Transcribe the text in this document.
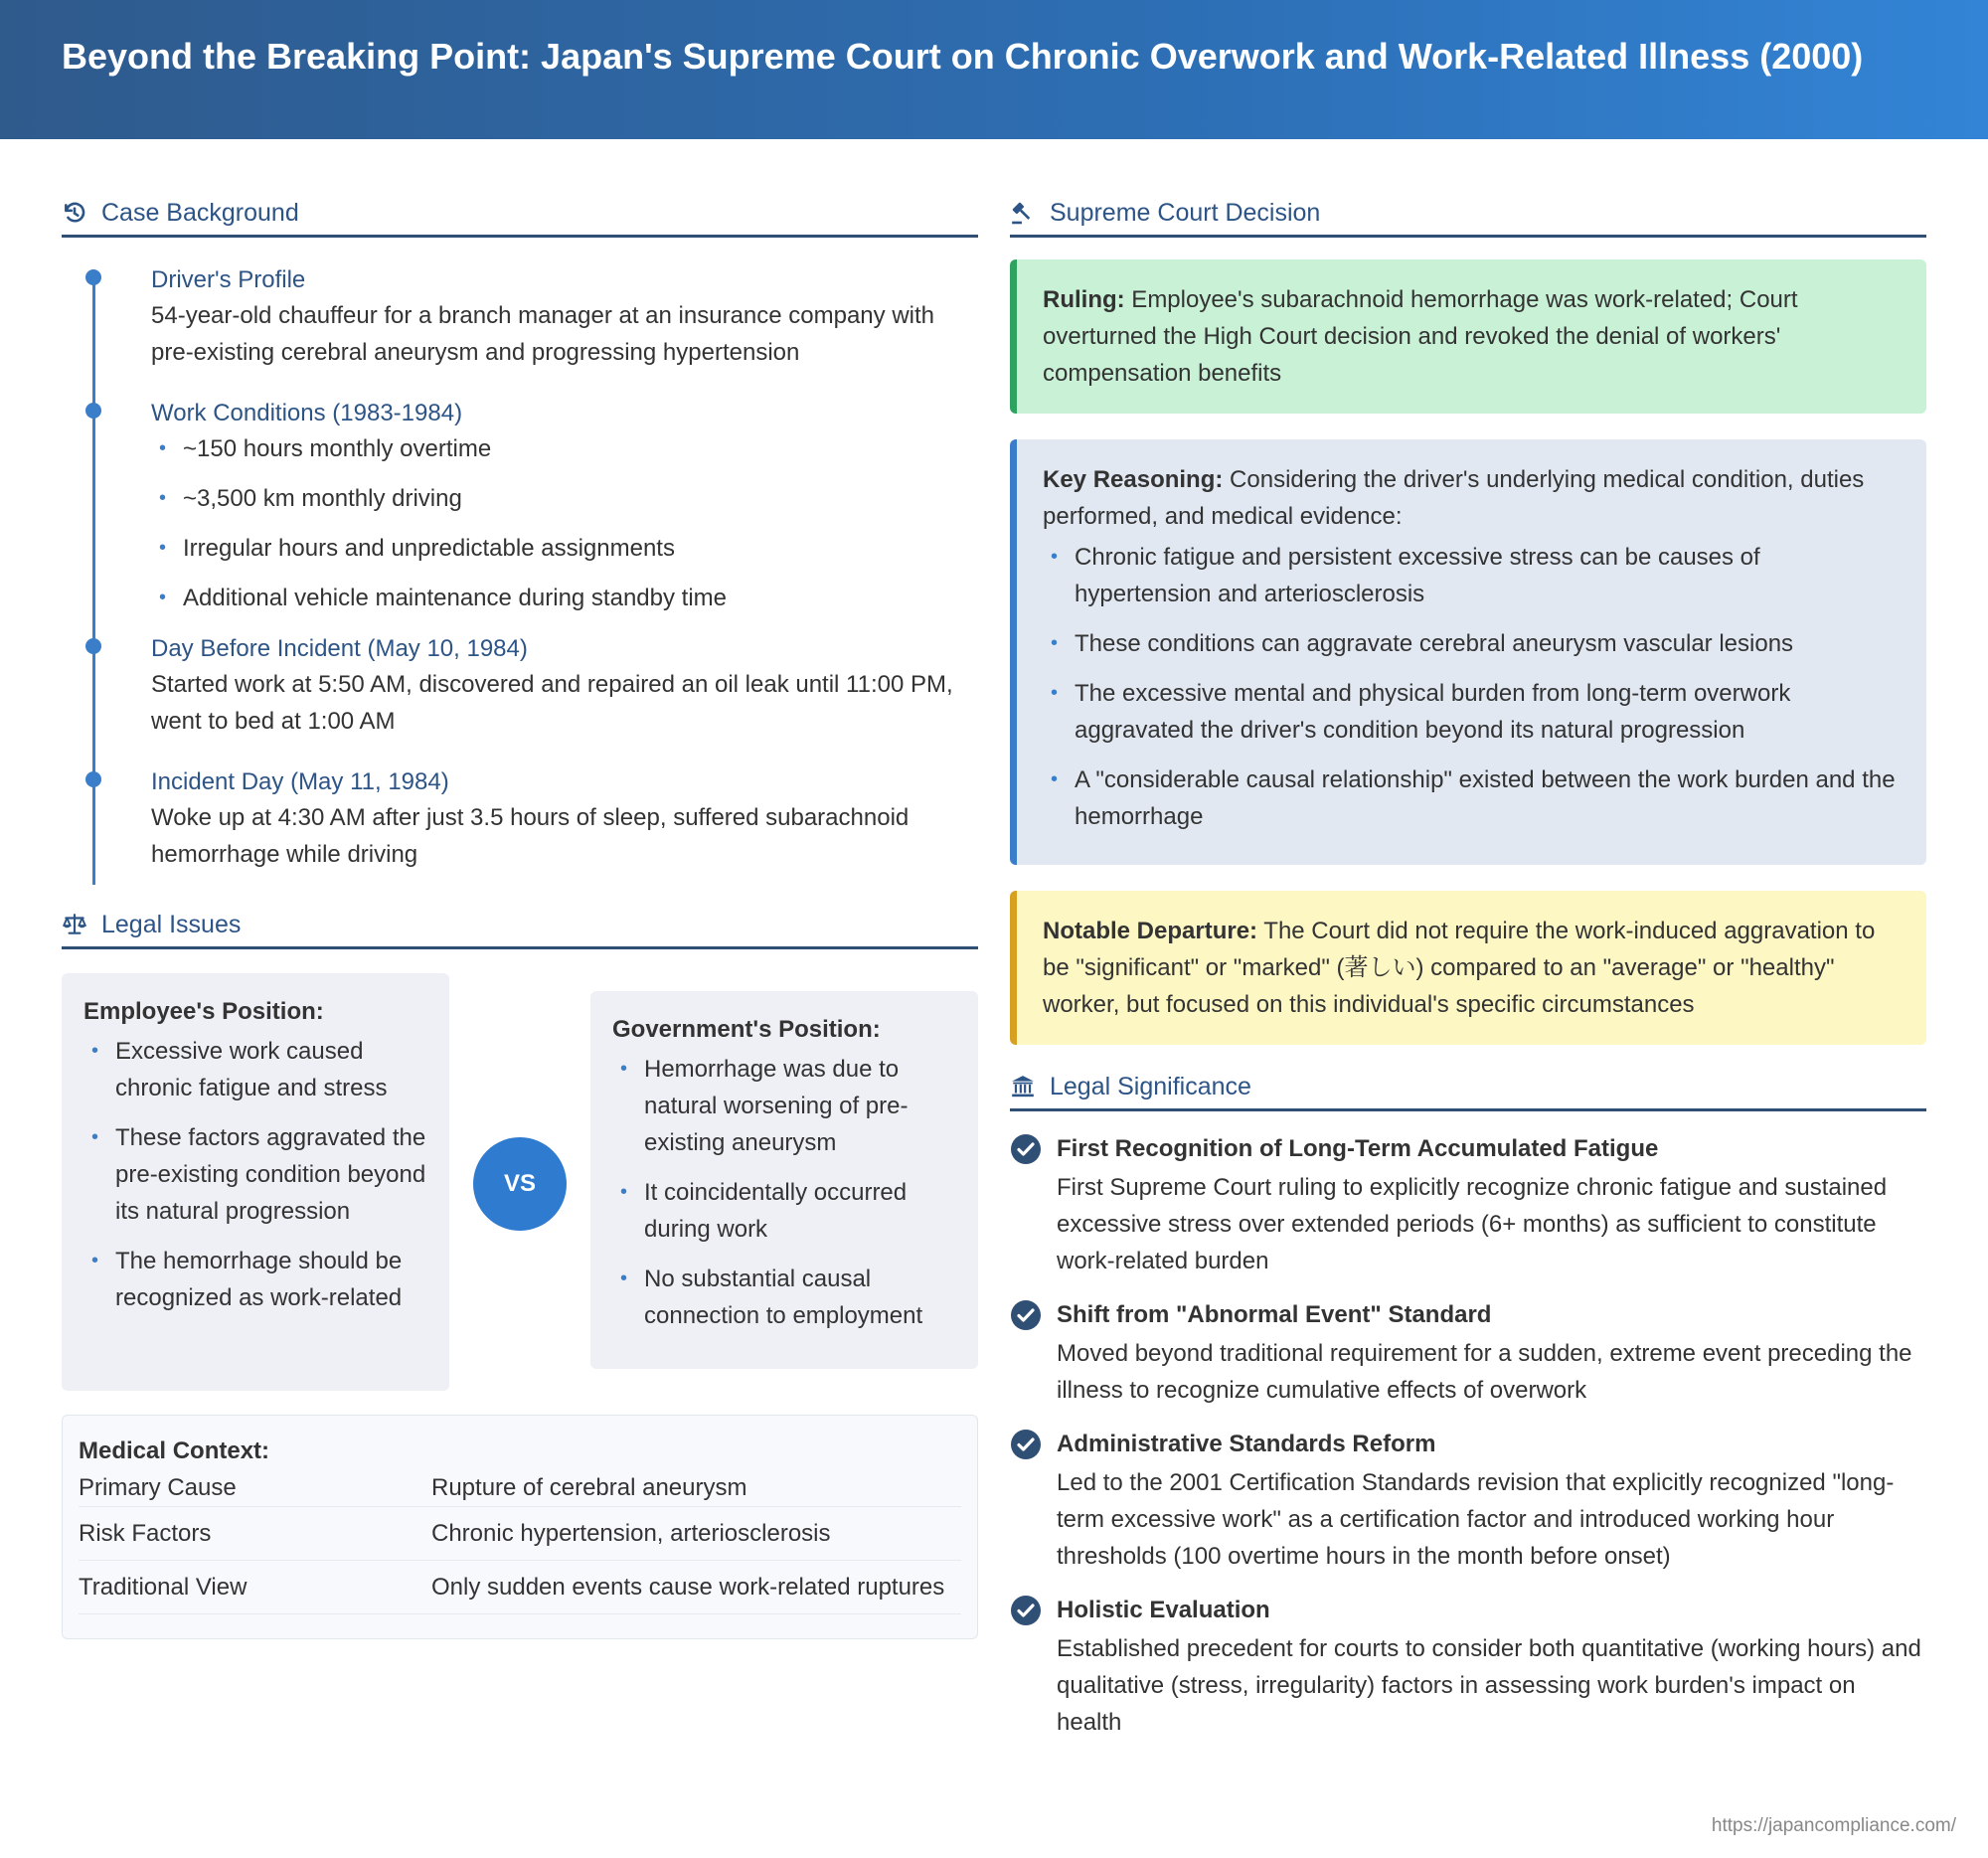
Beyond the Breaking Point: Japan's Supreme Court on Chronic Overwork and Work-Related Illness (2000)
Case Background
Driver's Profile
54-year-old chauffeur for a branch manager at an insurance company with pre-existing cerebral aneurysm and progressing hypertension
Work Conditions (1983-1984)
• ~150 hours monthly overtime
• ~3,500 km monthly driving
• Irregular hours and unpredictable assignments
• Additional vehicle maintenance during standby time
Day Before Incident (May 10, 1984)
Started work at 5:50 AM, discovered and repaired an oil leak until 11:00 PM, went to bed at 1:00 AM
Incident Day (May 11, 1984)
Woke up at 4:30 AM after just 3.5 hours of sleep, suffered subarachnoid hemorrhage while driving
Legal Issues
Employee's Position:
• Excessive work caused chronic fatigue and stress
• These factors aggravated the pre-existing condition beyond its natural progression
• The hemorrhage should be recognized as work-related
VS
Government's Position:
• Hemorrhage was due to natural worsening of pre-existing aneurysm
• It coincidentally occurred during work
• No substantial causal connection to employment
Medical Context:
Primary Cause	Rupture of cerebral aneurysm
Risk Factors	Chronic hypertension, arteriosclerosis
Traditional View	Only sudden events cause work-related ruptures
Supreme Court Decision
Ruling: Employee's subarachnoid hemorrhage was work-related; Court overturned the High Court decision and revoked the denial of workers' compensation benefits
Key Reasoning: Considering the driver's underlying medical condition, duties performed, and medical evidence:
• Chronic fatigue and persistent excessive stress can be causes of hypertension and arteriosclerosis
• These conditions can aggravate cerebral aneurysm vascular lesions
• The excessive mental and physical burden from long-term overwork aggravated the driver's condition beyond its natural progression
• A "considerable causal relationship" existed between the work burden and the hemorrhage
Notable Departure: The Court did not require the work-induced aggravation to be "significant" or "marked" (著しい) compared to an "average" or "healthy" worker, but focused on this individual's specific circumstances
Legal Significance
First Recognition of Long-Term Accumulated Fatigue
First Supreme Court ruling to explicitly recognize chronic fatigue and sustained excessive stress over extended periods (6+ months) as sufficient to constitute work-related burden
Shift from "Abnormal Event" Standard
Moved beyond traditional requirement for a sudden, extreme event preceding the illness to recognize cumulative effects of overwork
Administrative Standards Reform
Led to the 2001 Certification Standards revision that explicitly recognized "long-term excessive work" as a certification factor and introduced working hour thresholds (100 overtime hours in the month before onset)
Holistic Evaluation
Established precedent for courts to consider both quantitative (working hours) and qualitative (stress, irregularity) factors in assessing work burden's impact on health
https://japancompliance.com/
